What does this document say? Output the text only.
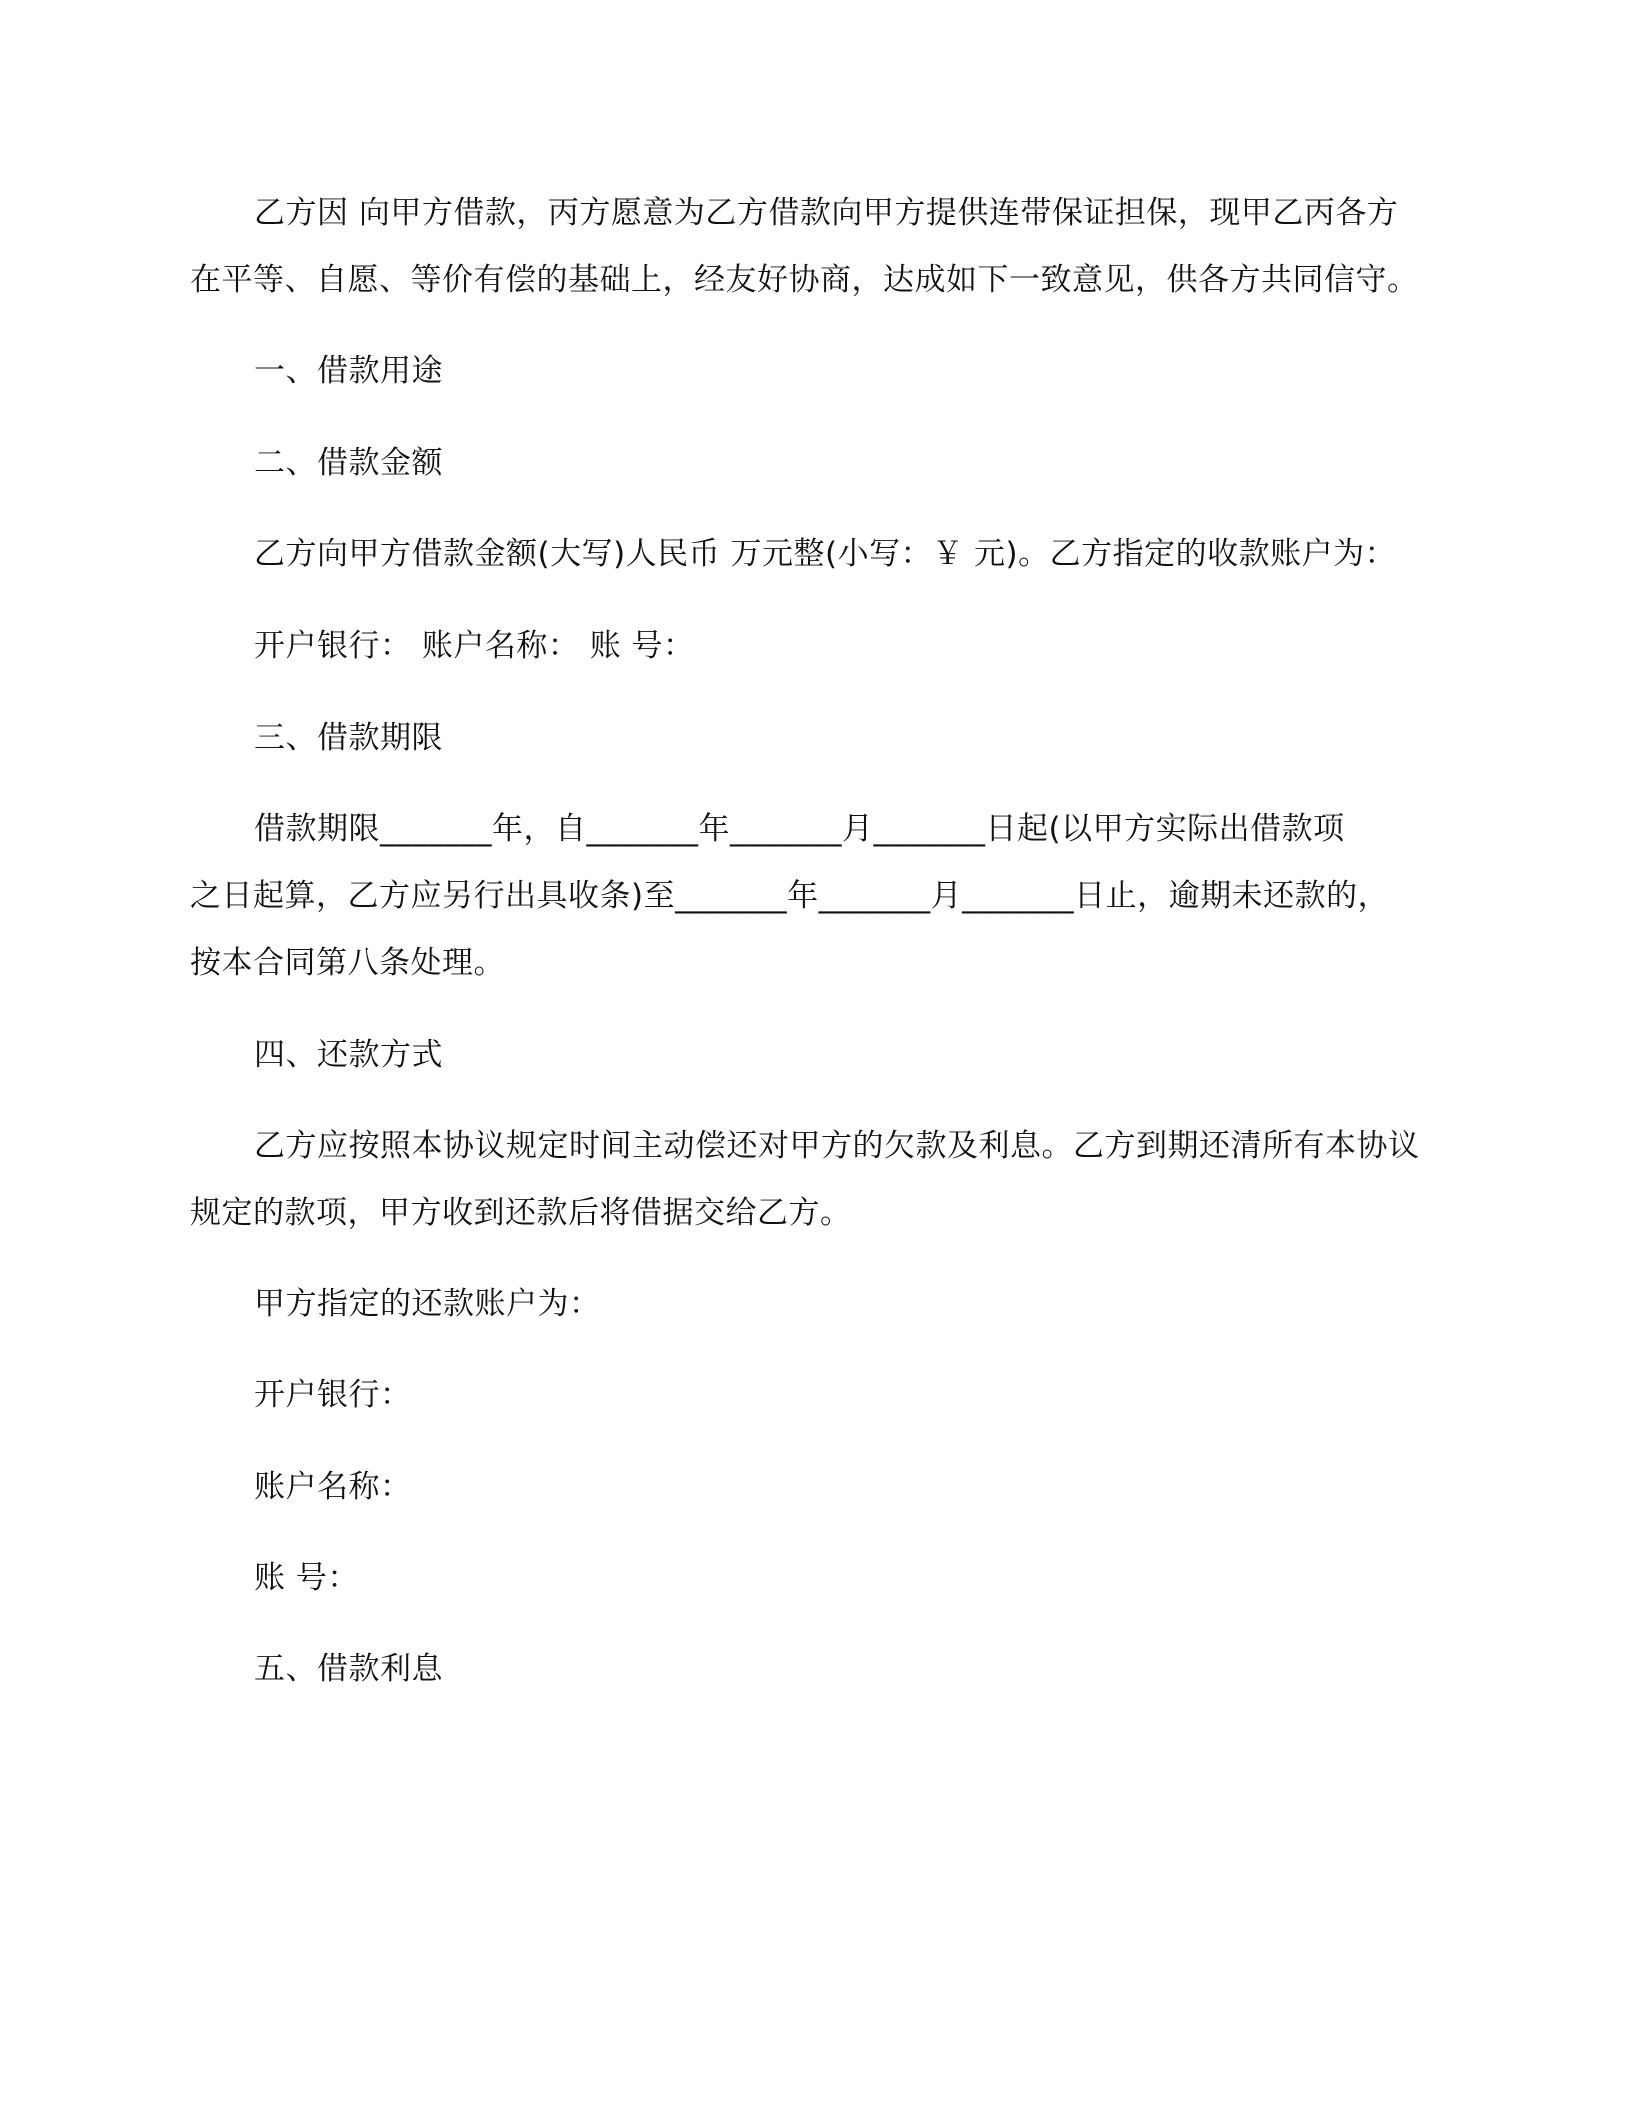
乙方因 向甲方借款，丙方愿意为乙方借款向甲方提供连带保证担保，现甲乙丙各方
在平等、自愿、等价有偿的基础上，经友好协商，达成如下一致意见，供各方共同信守。

一、借款用途

二、借款金额

乙方向甲方借款金额(大写)人民币 万元整(小写：￥ 元)。乙方指定的收款账户为：

开户银行： 账户名称： 账 号：

三、借款期限

借款期限_______年，自_______年_______月_______日起(以甲方实际出借款项
之日起算，乙方应另行出具收条)至_______年_______月_______日止，逾期未还款的，
按本合同第八条处理。

四、还款方式

乙方应按照本协议规定时间主动偿还对甲方的欠款及利息。乙方到期还清所有本协议
规定的款项，甲方收到还款后将借据交给乙方。

甲方指定的还款账户为：

开户银行：

账户名称：

账 号：

五、借款利息
